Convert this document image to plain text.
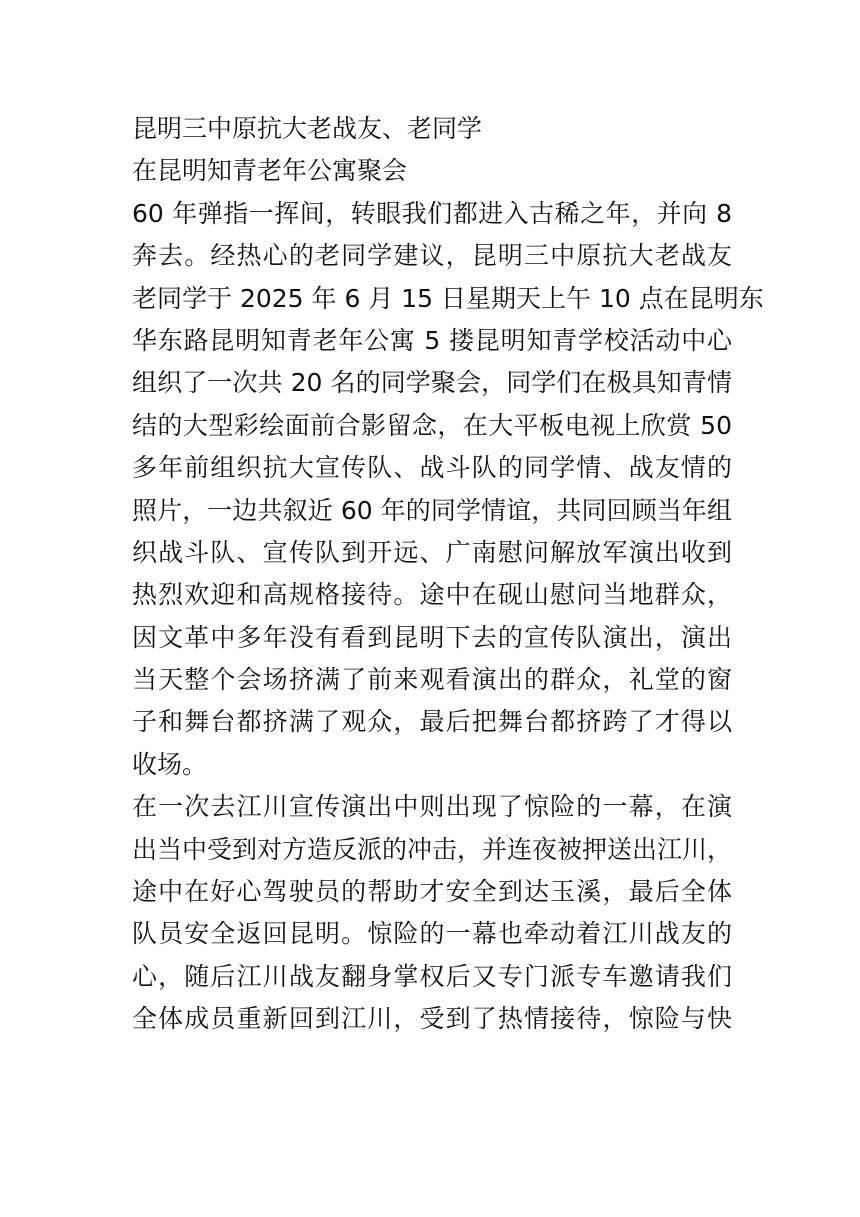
昆明三中原抗大老战友、老同学
在昆明知青老年公寓聚会
60 年弹指一挥间，转眼我们都进入古稀之年，并向 8
奔去。经热心的老同学建议，昆明三中原抗大老战友
老同学于 2025 年 6 月 15 日星期天上午 10 点在昆明东
华东路昆明知青老年公寓 5 搂昆明知青学校活动中心
组织了一次共 20 名的同学聚会，同学们在极具知青情
结的大型彩绘面前合影留念，在大平板电视上欣赏 50
多年前组织抗大宣传队、战斗队的同学情、战友情的
照片，一边共叙近 60 年的同学情谊，共同回顾当年组
织战斗队、宣传队到开远、广南慰问解放军演出收到
热烈欢迎和高规格接待。途中在砚山慰问当地群众，
因文革中多年没有看到昆明下去的宣传队演出，演出
当天整个会场挤满了前来观看演出的群众，礼堂的窗
子和舞台都挤满了观众，最后把舞台都挤跨了才得以
收场。
在一次去江川宣传演出中则出现了惊险的一幕，在演
出当中受到对方造反派的冲击，并连夜被押送出江川，
途中在好心驾驶员的帮助才安全到达玉溪，最后全体
队员安全返回昆明。惊险的一幕也牵动着江川战友的
心，随后江川战友翻身掌权后又专门派专车邀请我们
全体成员重新回到江川，受到了热情接待，惊险与快
